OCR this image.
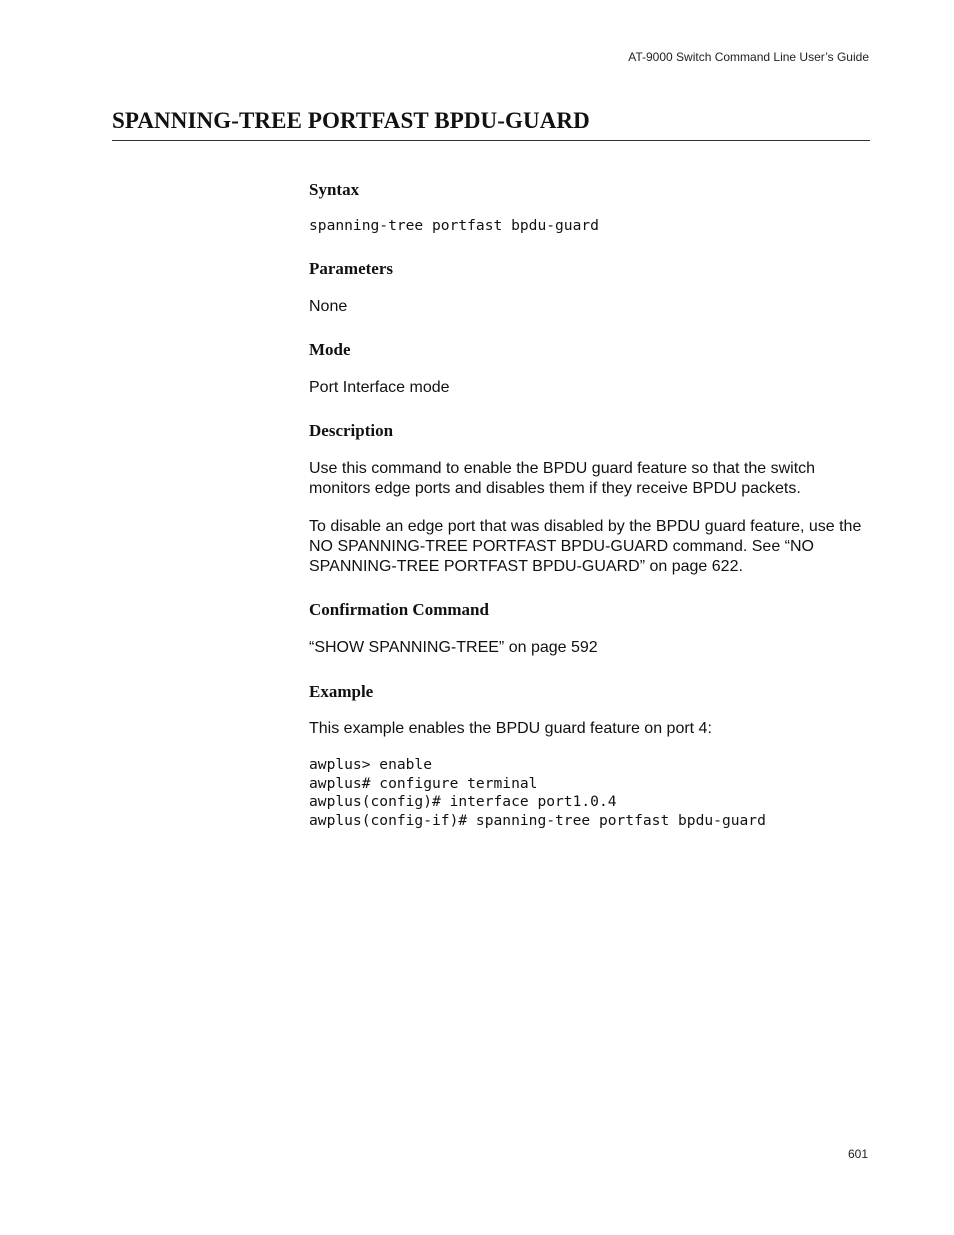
AT-9000 Switch Command Line User’s Guide
SPANNING-TREE PORTFAST BPDU-GUARD
Syntax
spanning-tree portfast bpdu-guard
Parameters

None

Mode

Port Interface mode

Description

Use this command to enable the BPDU guard feature so that the switch monitors edge ports and disables them if they receive BPDU packets.

To disable an edge port that was disabled by the BPDU guard feature, use the NO SPANNING-TREE PORTFAST BPDU-GUARD command. See “NO SPANNING-TREE PORTFAST BPDU-GUARD” on page 622.

Confirmation Command

“SHOW SPANNING-TREE” on page 592

Example

This example enables the BPDU guard feature on port 4:

awplus> enable
awplus# configure terminal
awplus(config)# interface port1.0.4
awplus(config-if)# spanning-tree portfast bpdu-guard
601
